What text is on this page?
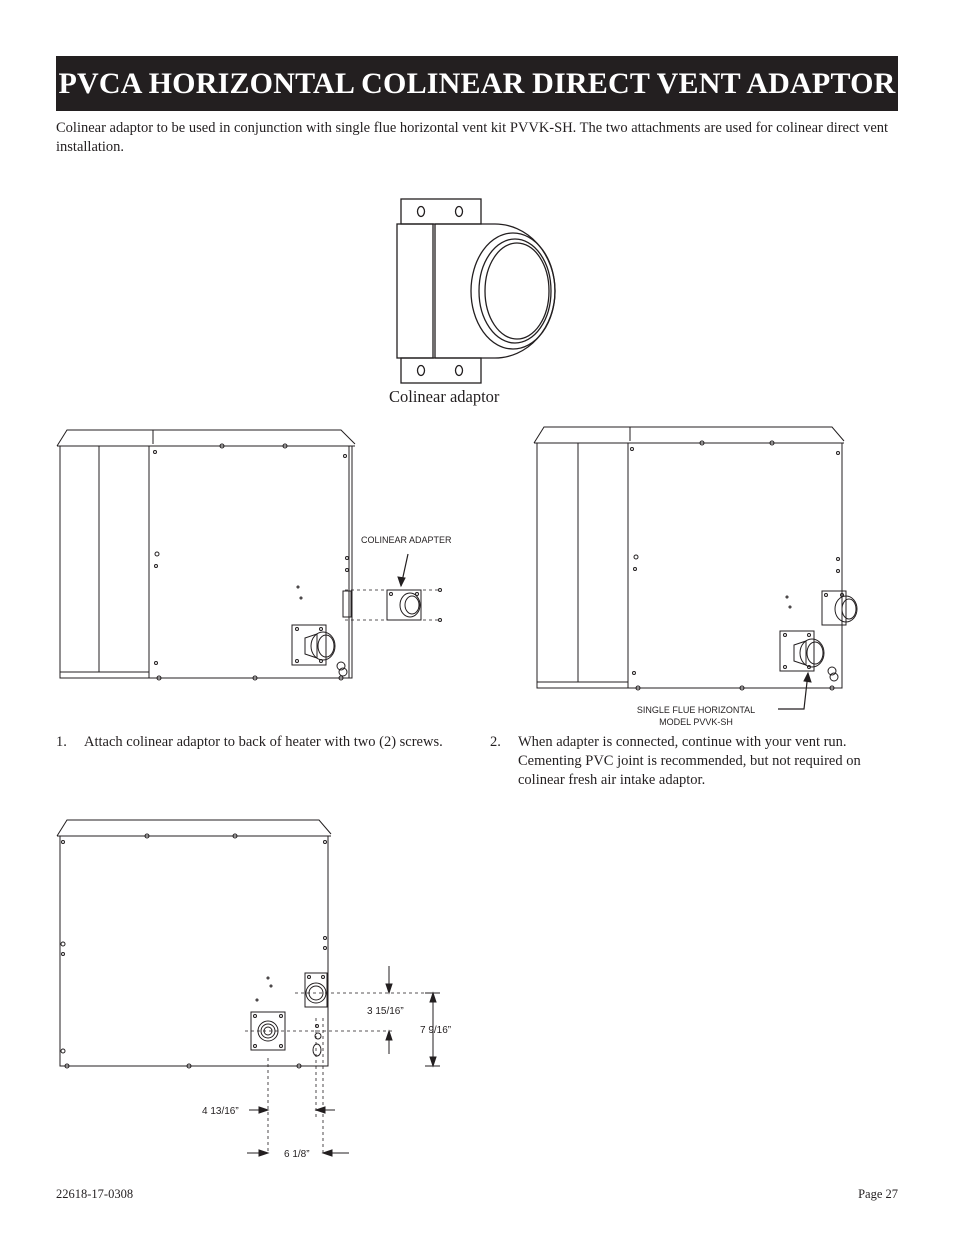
PVCA HORIZONTAL COLINEAR DIRECT VENT ADAPTOR
Colinear adaptor to be used in conjunction with single flue horizontal vent kit PVVK-SH. The two attachments are used for colinear direct vent installation.
Colinear adaptor
COLINEAR ADAPTER
SINGLE FLUE HORIZONTAL
MODEL PVVK-SH
1. Attach colinear adaptor to back of heater with two (2) screws.	2. When adapter is connected, continue with your vent run. Cementing PVC joint is recommended, but not required on colinear fresh air intake adaptor.
3 15/16”
7 9/16”
4 13/16”
6 1/8”
22618-17-0308	Page 27
